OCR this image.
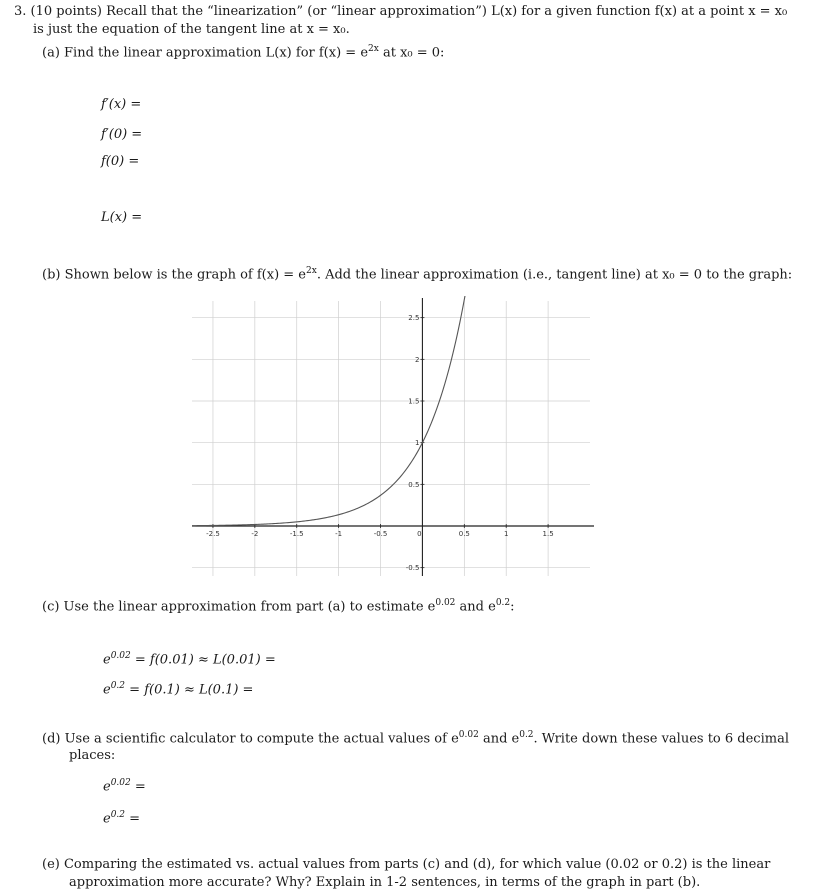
3. (10 points) Recall that the “linearization” (or “linear approximation”) L(x) for a given function f(x) at a point x = x₀
is just the equation of the tangent line at x = x₀.
(a) Find the linear approximation L(x) for $f(x) = e^{2x}$ at x₀ = 0:
f′(x) =
f′(0) =
f(0) =
L(x) =
(b) Shown below is the graph of $f(x) = e^{2x}$. Add the linear approximation (i.e., tangent line) at x₀ = 0 to the graph:
-2.5	-2	-1.5	-1	-0.5	0	0.5	1	1.5
2.5
2
1.5
1
0.5
-0.5
(c) Use the linear approximation from part (a) to estimate $e^{0.02}$ and $e^{0.2}$:
$e^{0.02} = f(0.01) \approx L(0.01)$ =
$e^{0.2} = f(0.1) \approx L(0.1)$ =
(d) Use a scientific calculator to compute the actual values of $e^{0.02}$ and $e^{0.2}$. Write down these values to 6 decimal
places:
$e^{0.02}$ =
$e^{0.2}$ =
(e) Comparing the estimated vs. actual values from parts (c) and (d), for which value (0.02 or 0.2) is the linear
approximation more accurate? Why? Explain in 1-2 sentences, in terms of the graph in part (b).
